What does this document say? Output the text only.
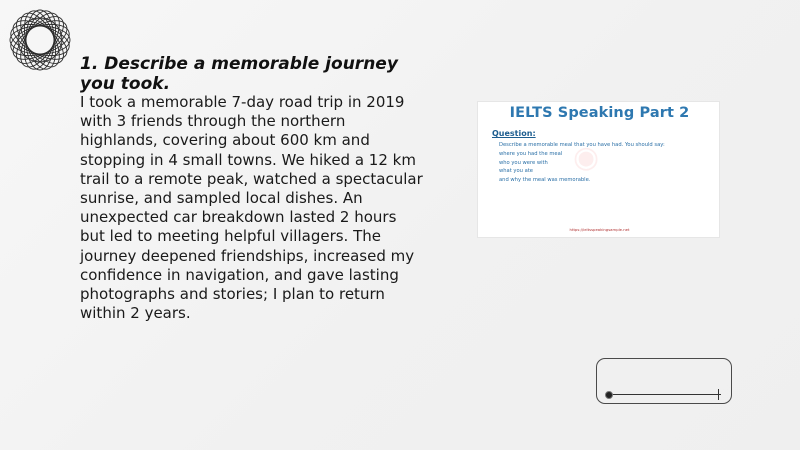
1. Describe a memorable journey you took.

I took a memorable 7-day road trip in 2019 with 3 friends through the northern highlands, covering about 600 km and stopping in 4 small towns. We hiked a 12 km trail to a remote peak, watched a spectacular sunrise, and sampled local dishes. An unexpected car breakdown lasted 2 hours but led to meeting helpful villagers. The journey deepened friendships, increased my confidence in navigation, and gave lasting photographs and stories; I plan to return within 2 years.

◉
IELTS Speaking Part 2
Question:
Describe a memorable meal that you have had. You should say:
where you had the meal
who you were with
what you ate
and why the meal was memorable.
https://ieltsspeakingsample.net
